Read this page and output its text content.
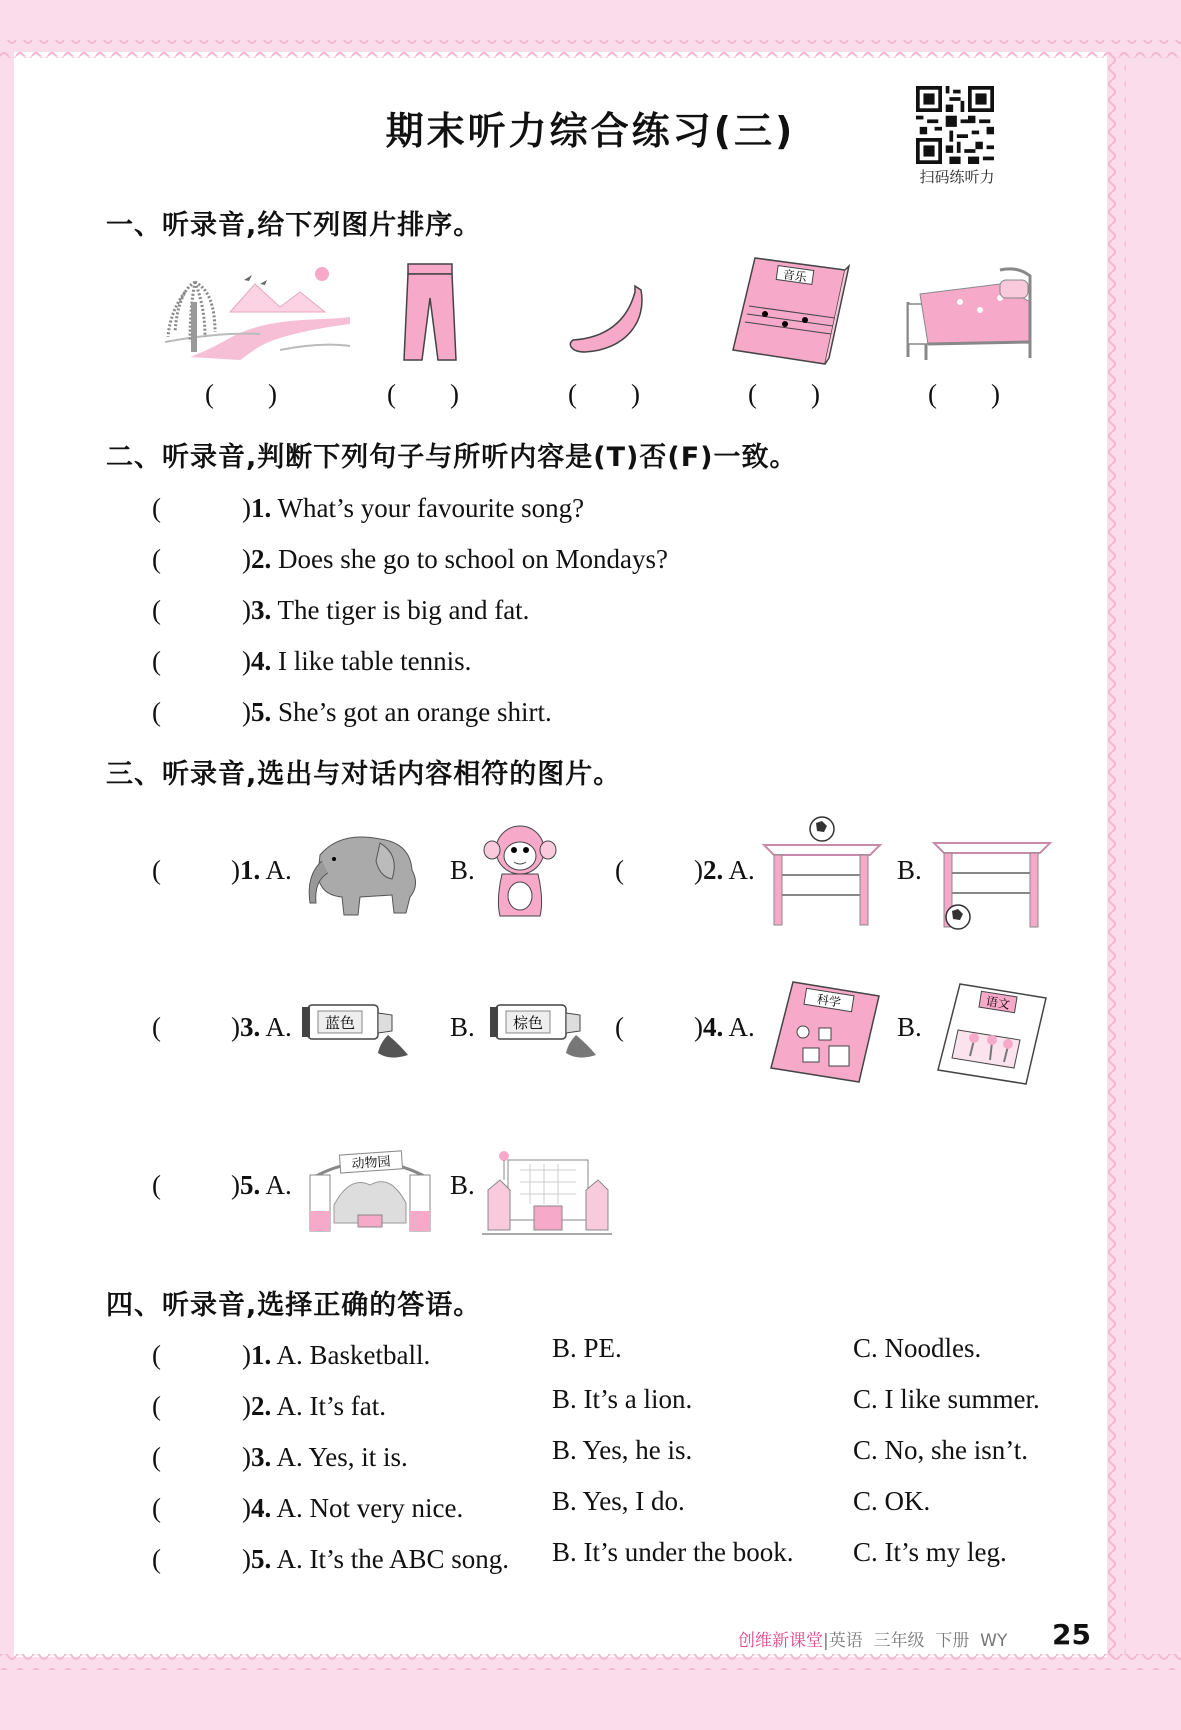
期末听力综合练习(三)
扫码练听力
一、听录音,给下列图片排序。
音乐
(　　)	(　　)	(　　)	(　　)	(　　)
二、听录音,判断下列句子与所听内容是(T)否(F)一致。
(　　　)1. What’s your favourite song?
(　　　)2. Does she go to school on Mondays?
(　　　)3. The tiger is big and fat.
(　　　)4. I like table tennis.
(　　　)5. She’s got an orange shirt.
三、听录音,选出与对话内容相符的图片。
(	)1. A.	B.	(	)2. A.	B.
(	)3. A. 蓝色	B.	棕色	(	)4. A.
科学
B.
语文
(	)5. A.
动物园
B.
四、听录音,选择正确的答语。
(　　　)1. A. Basketball.	B. PE.	C. Noodles.
(　　　)2. A. It’s fat.	B. It’s a lion.	C. I like summer.
(　　　)3. A. Yes, it is.	B. Yes, he is.	C. No, she isn’t.
(　　　)4. A. Not very nice.	B. Yes, I do.	C. OK.
(　　　)5. A. It’s the ABC song. B. It’s under the book. C. It’s my leg.
创维新课堂|英语 三年级 下册 WY 25
